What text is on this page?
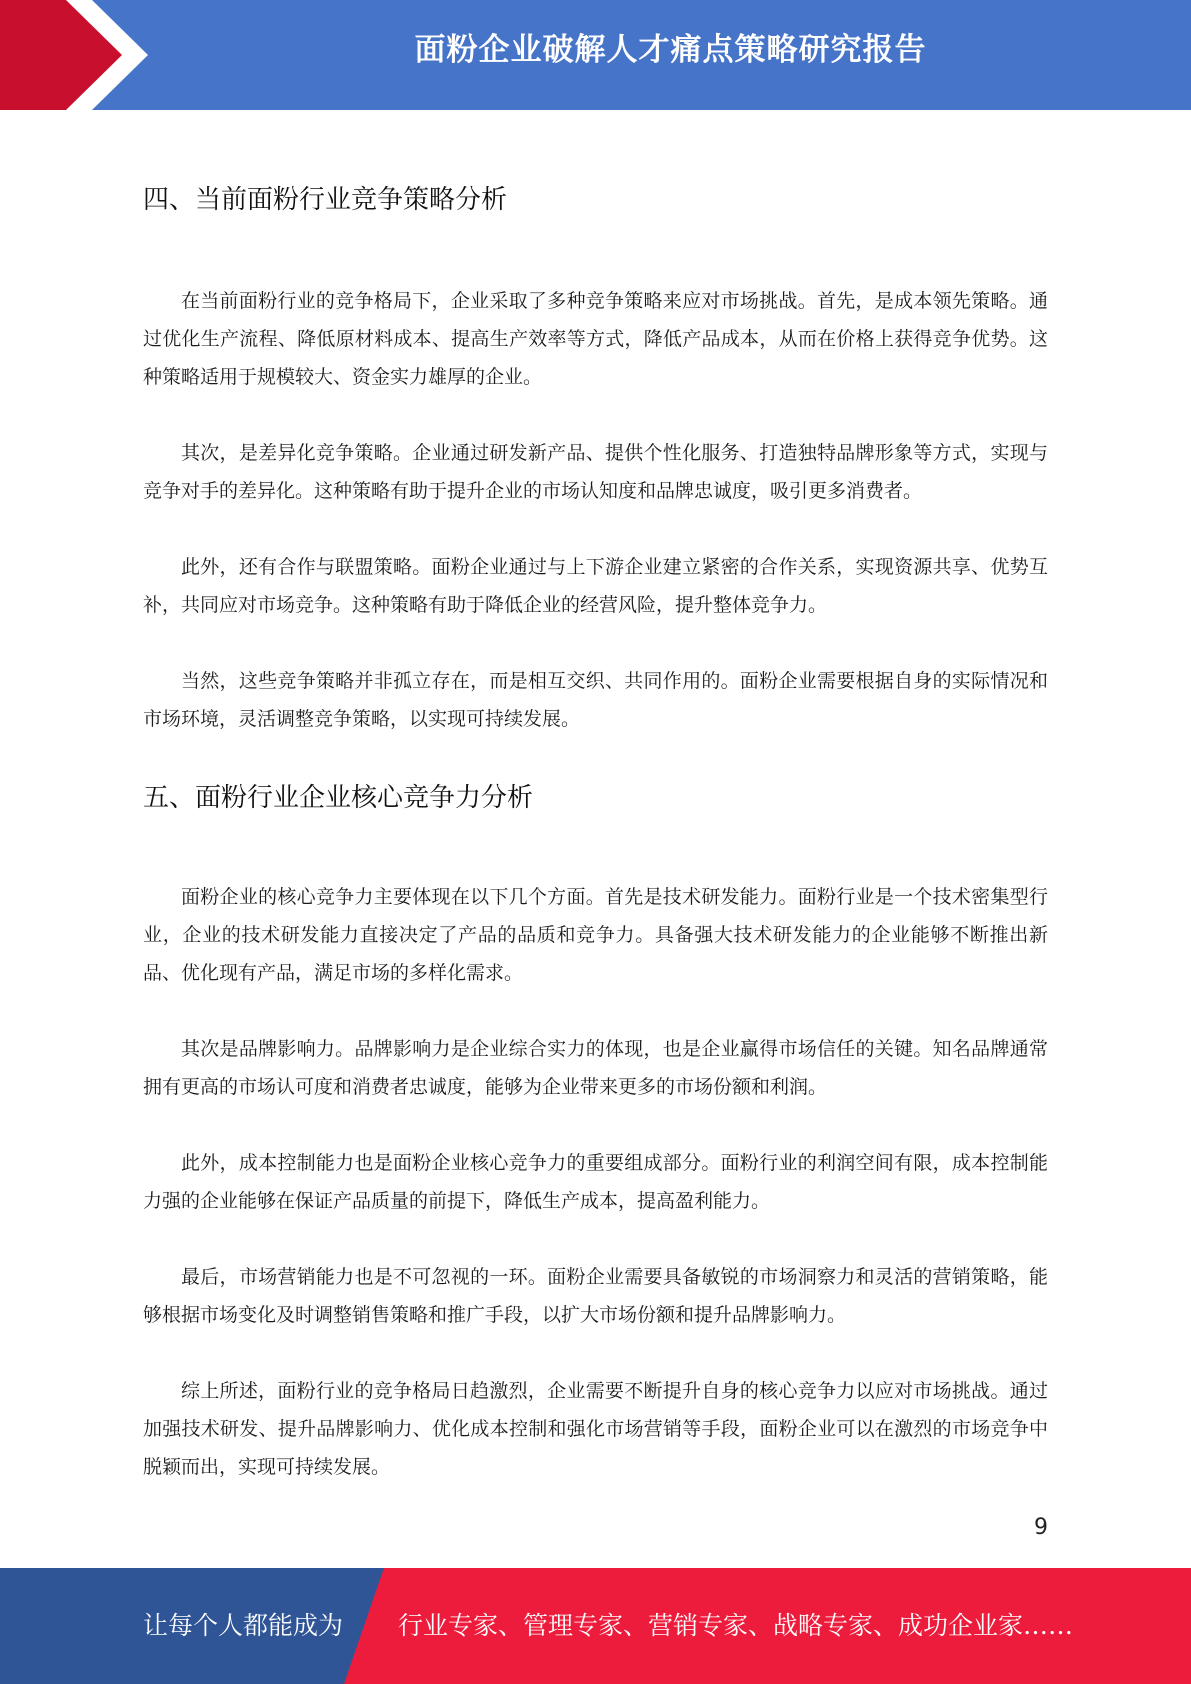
面粉企业破解人才痛点策略研究报告
四、当前面粉行业竞争策略分析

在当前面粉行业的竞争格局下，企业采取了多种竞争策略来应对市场挑战。首先，是成本领先策略。通过优化生产流程、降低原材料成本、提高生产效率等方式，降低产品成本，从而在价格上获得竞争优势。这种策略适用于规模较大、资金实力雄厚的企业。

其次，是差异化竞争策略。企业通过研发新产品、提供个性化服务、打造独特品牌形象等方式，实现与竞争对手的差异化。这种策略有助于提升企业的市场认知度和品牌忠诚度，吸引更多消费者。

此外，还有合作与联盟策略。面粉企业通过与上下游企业建立紧密的合作关系，实现资源共享、优势互补，共同应对市场竞争。这种策略有助于降低企业的经营风险，提升整体竞争力。

当然，这些竞争策略并非孤立存在，而是相互交织、共同作用的。面粉企业需要根据自身的实际情况和市场环境，灵活调整竞争策略，以实现可持续发展。

五、面粉行业企业核心竞争力分析

面粉企业的核心竞争力主要体现在以下几个方面。首先是技术研发能力。面粉行业是一个技术密集型行业，企业的技术研发能力直接决定了产品的品质和竞争力。具备强大技术研发能力的企业能够不断推出新品、优化现有产品，满足市场的多样化需求。

其次是品牌影响力。品牌影响力是企业综合实力的体现，也是企业赢得市场信任的关键。知名品牌通常拥有更高的市场认可度和消费者忠诚度，能够为企业带来更多的市场份额和利润。

此外，成本控制能力也是面粉企业核心竞争力的重要组成部分。面粉行业的利润空间有限，成本控制能力强的企业能够在保证产品质量的前提下，降低生产成本，提高盈利能力。

最后，市场营销能力也是不可忽视的一环。面粉企业需要具备敏锐的市场洞察力和灵活的营销策略，能够根据市场变化及时调整销售策略和推广手段，以扩大市场份额和提升品牌影响力。

综上所述，面粉行业的竞争格局日趋激烈，企业需要不断提升自身的核心竞争力以应对市场挑战。通过加强技术研发、提升品牌影响力、优化成本控制和强化市场营销等手段，面粉企业可以在激烈的市场竞争中脱颖而出，实现可持续发展。

9
让每个人都能成为 行业专家、管理专家、营销专家、战略专家、成功企业家……
